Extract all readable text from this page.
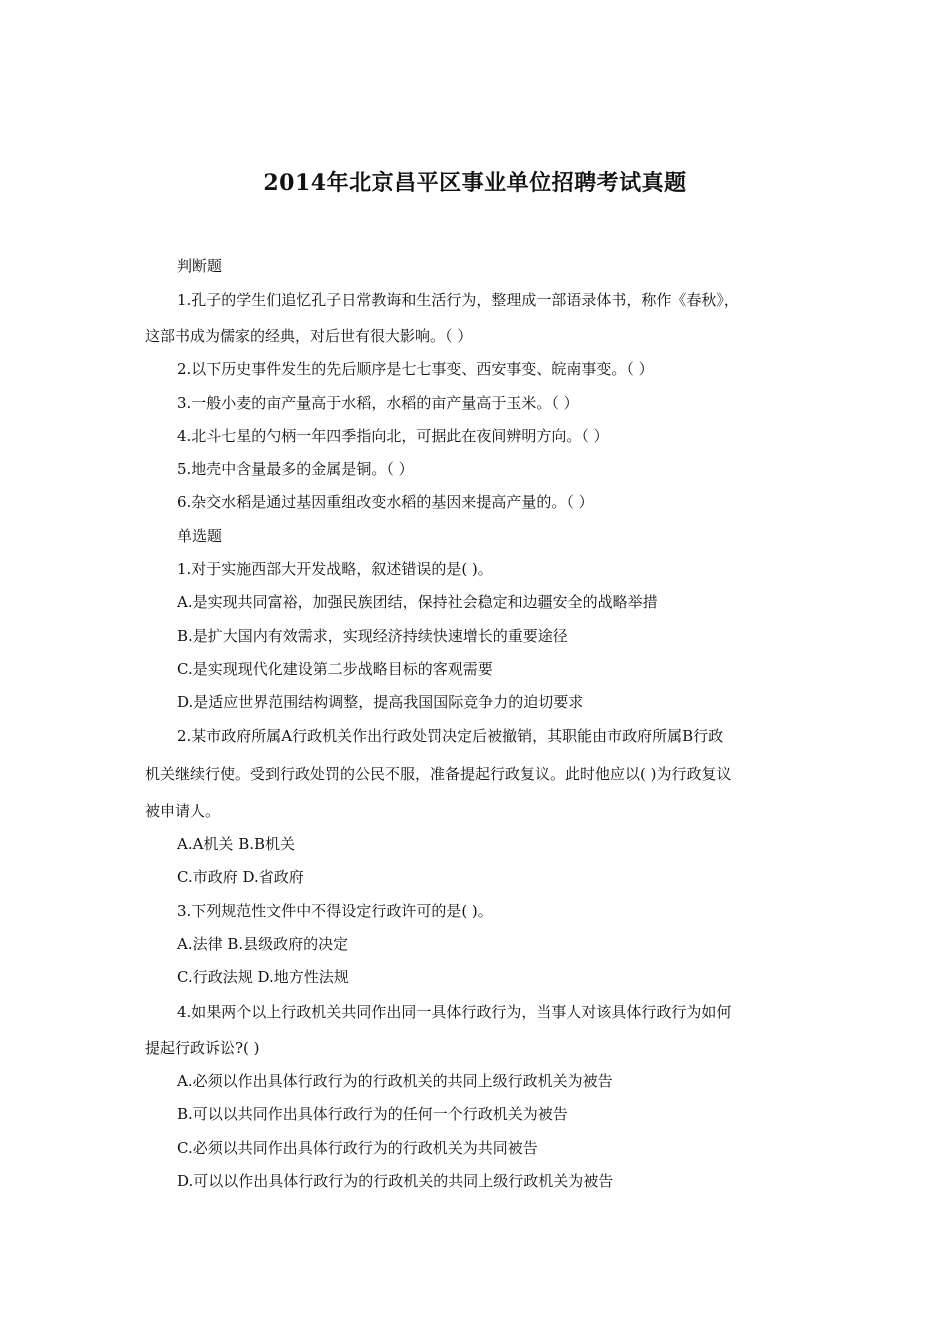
2014年北京昌平区事业单位招聘考试真题
判断题
1.孔子的学生们追忆孔子日常教诲和生活行为，整理成一部语录体书，称作《春秋》，
这部书成为儒家的经典，对后世有很大影响。（ ）
2.以下历史事件发生的先后顺序是七七事变、西安事变、皖南事变。（ ）
3.一般小麦的亩产量高于水稻，水稻的亩产量高于玉米。（ ）
4.北斗七星的勺柄一年四季指向北，可据此在夜间辨明方向。（ ）
5.地壳中含量最多的金属是铜。（ ）
6.杂交水稻是通过基因重组改变水稻的基因来提高产量的。（ ）
单选题
1.对于实施西部大开发战略，叙述错误的是( )。
A.是实现共同富裕，加强民族团结，保持社会稳定和边疆安全的战略举措
B.是扩大国内有效需求，实现经济持续快速增长的重要途径
C.是实现现代化建设第二步战略目标的客观需要
D.是适应世界范围结构调整，提高我国国际竞争力的迫切要求
2.某市政府所属A行政机关作出行政处罚决定后被撤销，其职能由市政府所属B行政
机关继续行使。受到行政处罚的公民不服，准备提起行政复议。此时他应以( )为行政复议
被申请人。
A.A机关 B.B机关
C.市政府 D.省政府
3.下列规范性文件中不得设定行政许可的是( )。
A.法律 B.县级政府的决定
C.行政法规 D.地方性法规
4.如果两个以上行政机关共同作出同一具体行政行为，当事人对该具体行政行为如何
提起行政诉讼?( )
A.必须以作出具体行政行为的行政机关的共同上级行政机关为被告
B.可以以共同作出具体行政行为的任何一个行政机关为被告
C.必须以共同作出具体行政行为的行政机关为共同被告
D.可以以作出具体行政行为的行政机关的共同上级行政机关为被告
